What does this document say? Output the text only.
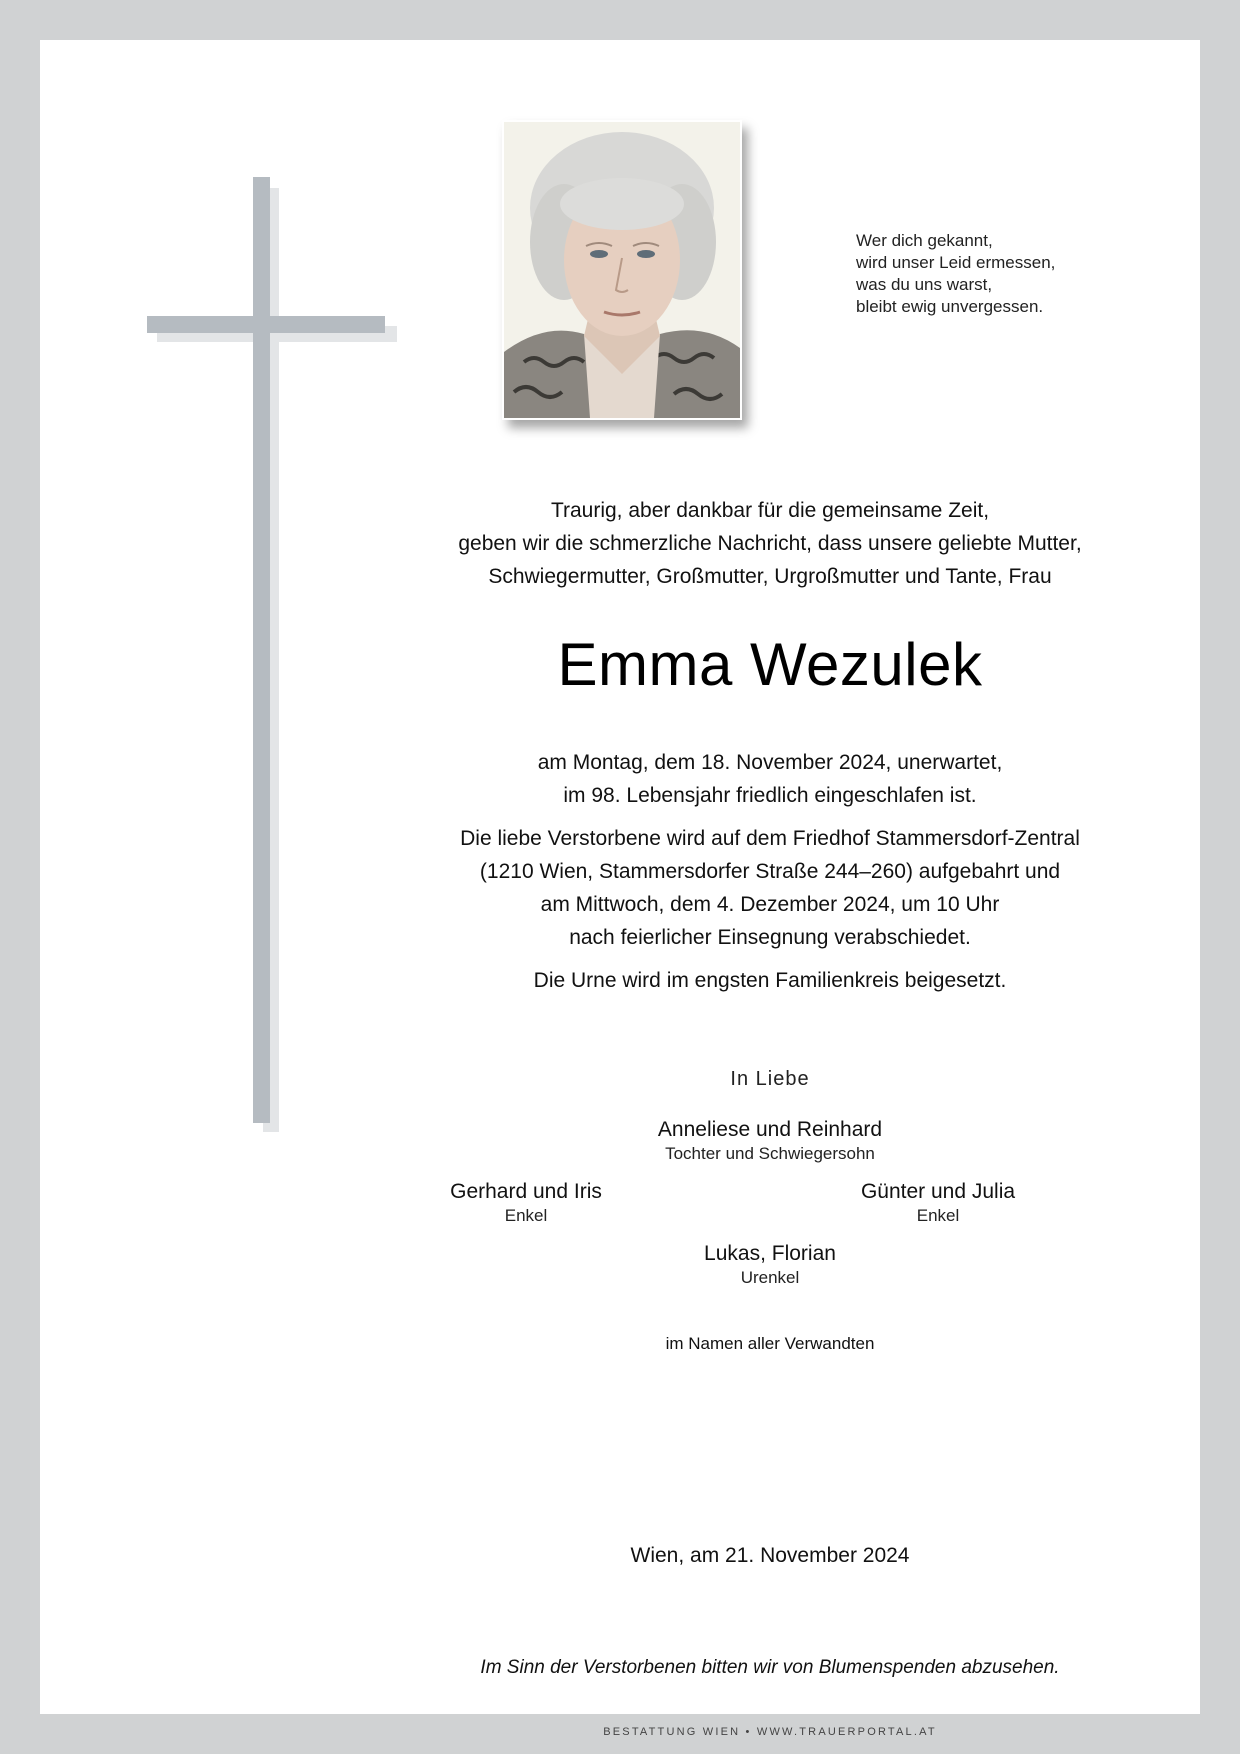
Wer dich gekannt,
wird unser Leid ermessen,
was du uns warst,
bleibt ewig unvergessen.
Traurig, aber dankbar für die gemeinsame Zeit,
geben wir die schmerzliche Nachricht, dass unsere geliebte Mutter,
Schwiegermutter, Großmutter, Urgroßmutter und Tante, Frau
Emma Wezulek
am Montag, dem 18. November 2024, unerwartet,
im 98. Lebensjahr friedlich eingeschlafen ist.
Die liebe Verstorbene wird auf dem Friedhof Stammersdorf-Zentral
(1210 Wien, Stammersdorfer Straße 244–260) aufgebahrt und
am Mittwoch, dem 4. Dezember 2024, um 10 Uhr
nach feierlicher Einsegnung verabschiedet.
Die Urne wird im engsten Familienkreis beigesetzt.
In Liebe
Anneliese und Reinhard
Tochter und Schwiegersohn
Gerhard und Iris
Enkel
Günter und Julia
Enkel
Lukas, Florian
Urenkel
im Namen aller Verwandten
Wien, am 21. November 2024
Im Sinn der Verstorbenen bitten wir von Blumenspenden abzusehen.
BESTATTUNG WIEN • WWW.TRAUERPORTAL.AT
